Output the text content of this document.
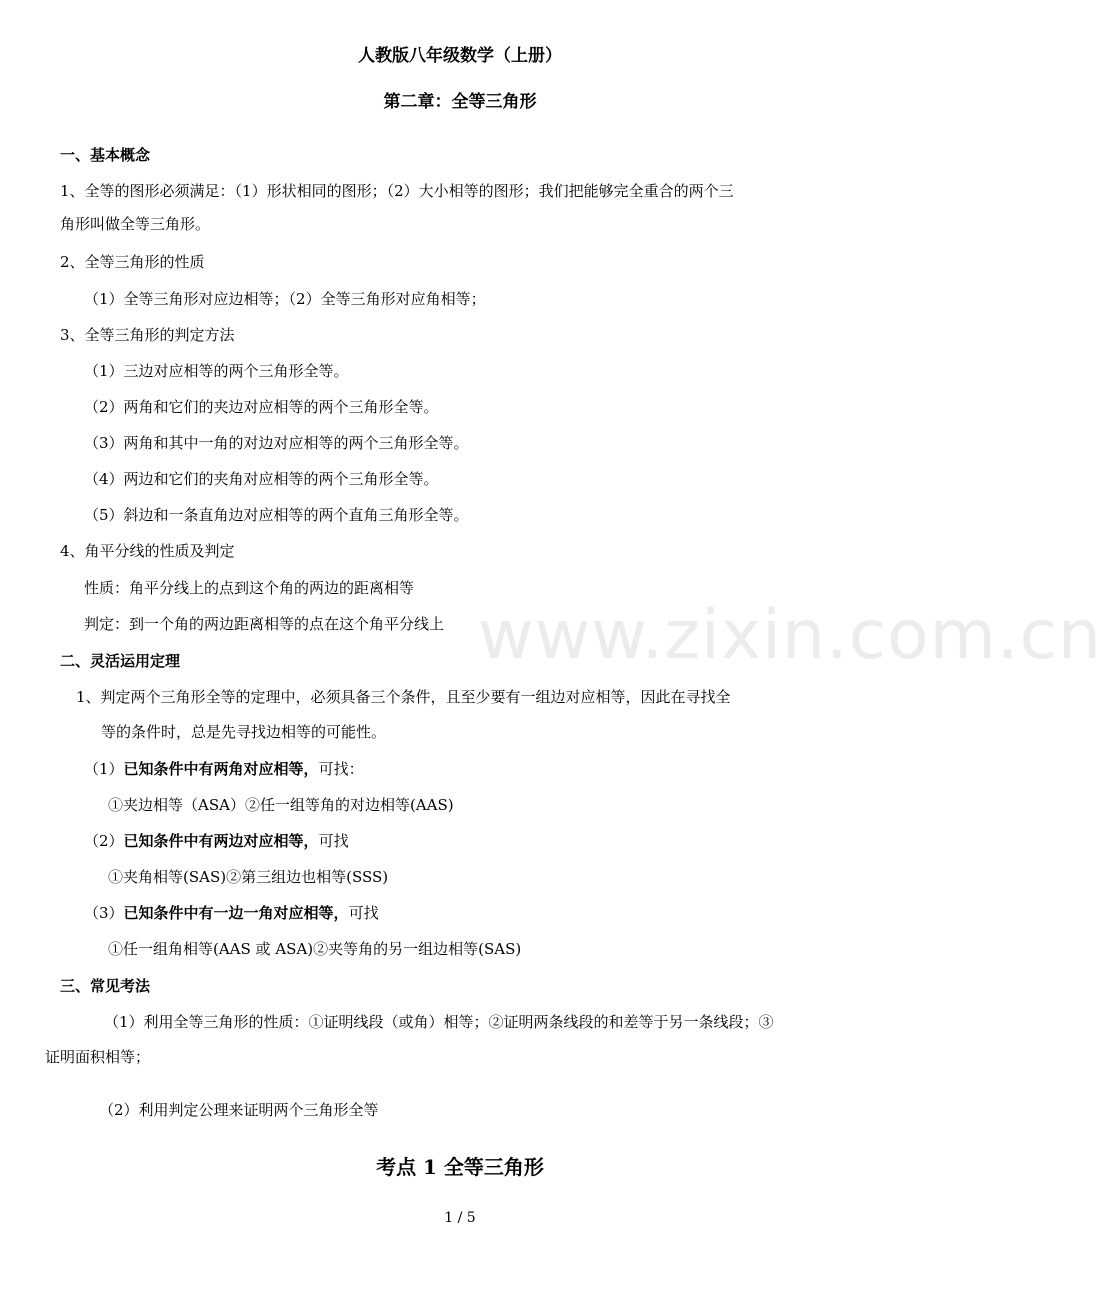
www.zixin.com.cn
人教版八年级数学（上册）
第二章：全等三角形
一、基本概念
1、全等的图形必须满足：（1）形状相同的图形；（2）大小相等的图形；我们把能够完全重合的两个三
角形叫做全等三角形。
2、全等三角形的性质
（1）全等三角形对应边相等；（2）全等三角形对应角相等；
3、全等三角形的判定方法
（1）三边对应相等的两个三角形全等。
（2）两角和它们的夹边对应相等的两个三角形全等。
（3）两角和其中一角的对边对应相等的两个三角形全等。
（4）两边和它们的夹角对应相等的两个三角形全等。
（5）斜边和一条直角边对应相等的两个直角三角形全等。
4、角平分线的性质及判定
性质：角平分线上的点到这个角的两边的距离相等
判定：到一个角的两边距离相等的点在这个角平分线上
二、灵活运用定理
1、判定两个三角形全等的定理中，必须具备三个条件，且至少要有一组边对应相等，因此在寻找全
等的条件时，总是先寻找边相等的可能性。
（1）已知条件中有两角对应相等，可找：
①夹边相等（ASA）②任一组等角的对边相等(AAS)
（2）已知条件中有两边对应相等，可找
①夹角相等(SAS)②第三组边也相等(SSS)
（3）已知条件中有一边一角对应相等，可找
①任一组角相等(AAS 或 ASA)②夹等角的另一组边相等(SAS)
三、常见考法
（1）利用全等三角形的性质：①证明线段（或角）相等；②证明两条线段的和差等于另一条线段；③
证明面积相等；
（2）利用判定公理来证明两个三角形全等
考点 1 全等三角形
1 / 5
